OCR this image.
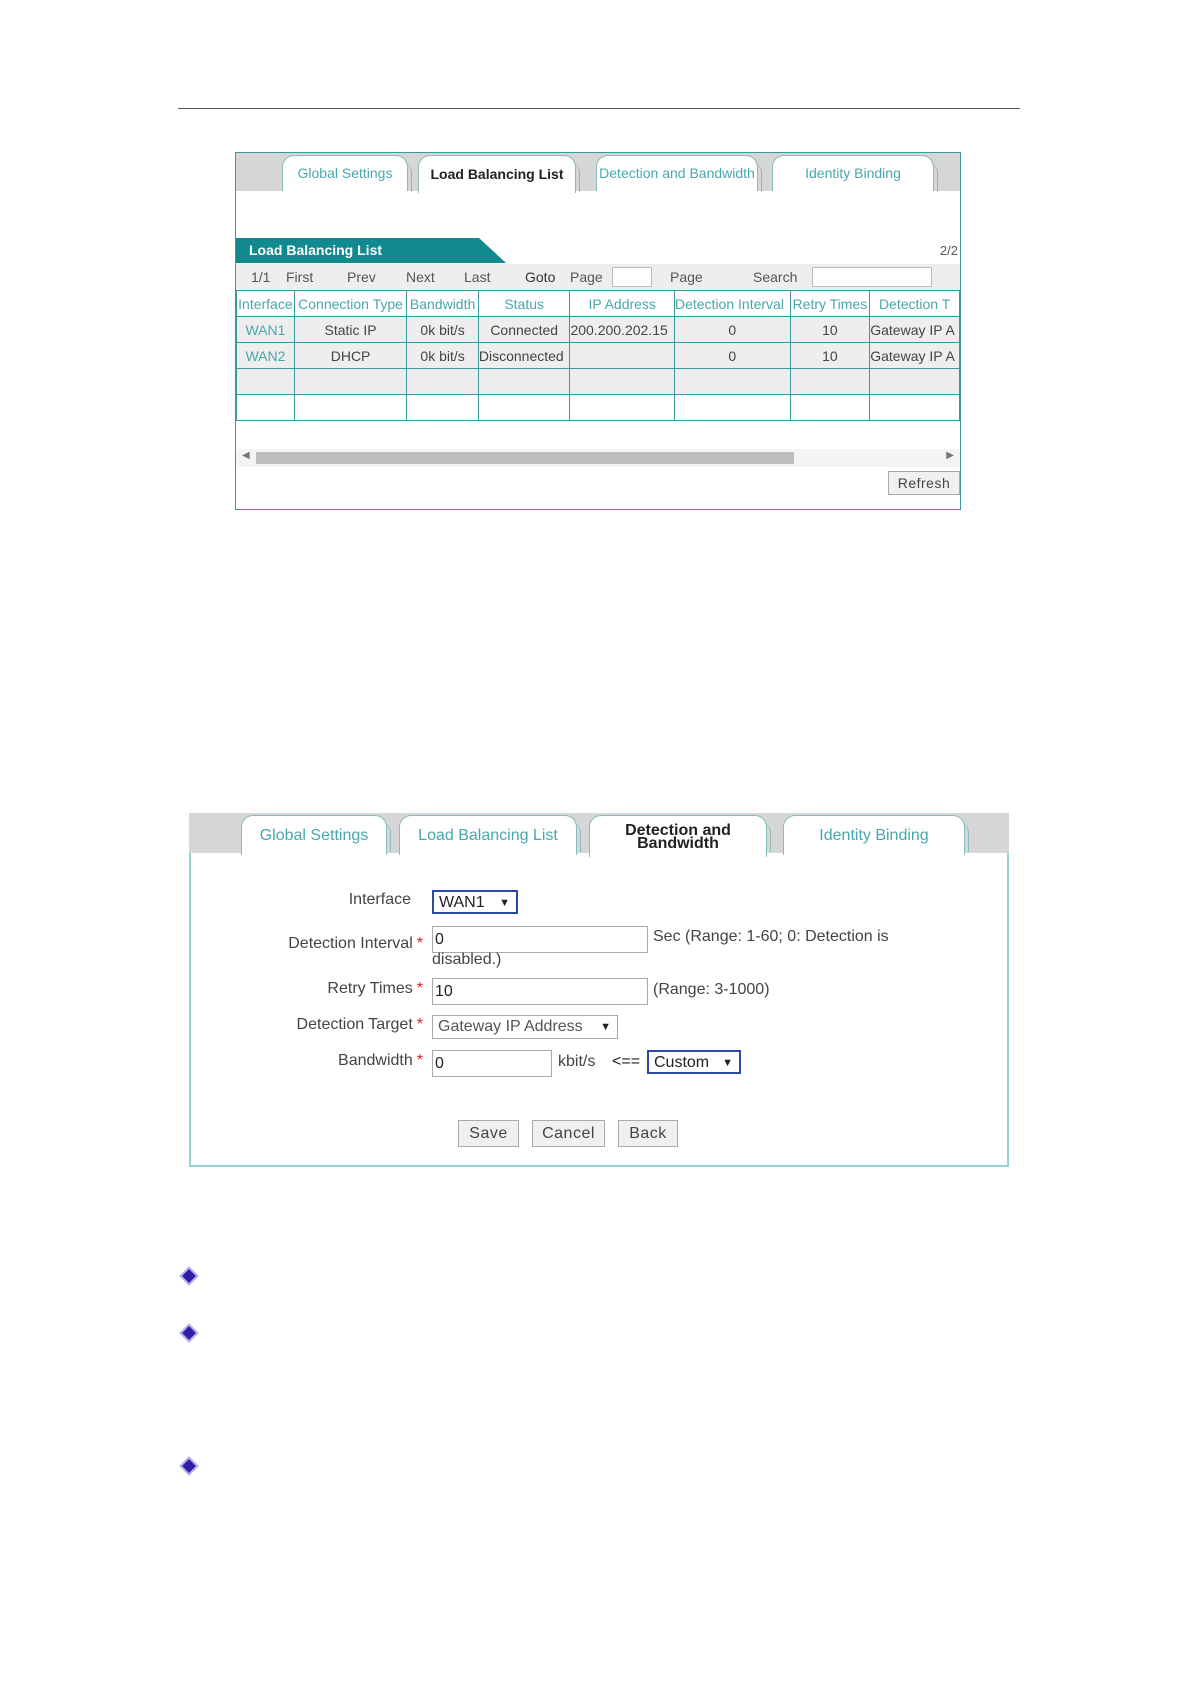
Global Settings	Load Balancing List	Detection and Bandwidth	Identity Binding
Load Balancing List	2/2
1/1 First Prev Next Last Goto Page	Page	Search
Interface	Connection Type	Bandwidth	Status	IP Address	Detection Interval	Retry Times	Detection T
WAN1	Static IP	0k bit/s	Connected	200.200.202.15	0	10	Gateway IP A
WAN2	DHCP	0k bit/s	Disconnected		0	10	Gateway IP A

◀	▶
Refresh
Global Settings	Load Balancing List	Detection and Bandwidth	Identity Binding
Interface	WAN1 ▼
Detection Interval * 0	Sec (Range: 1-60; 0: Detection is
disabled.)
Retry Times * 10	(Range: 3-1000)
Detection Target * Gateway IP Address ▼
Bandwidth * 0	kbit/s <== Custom ▼
Save	Cancel	Back
